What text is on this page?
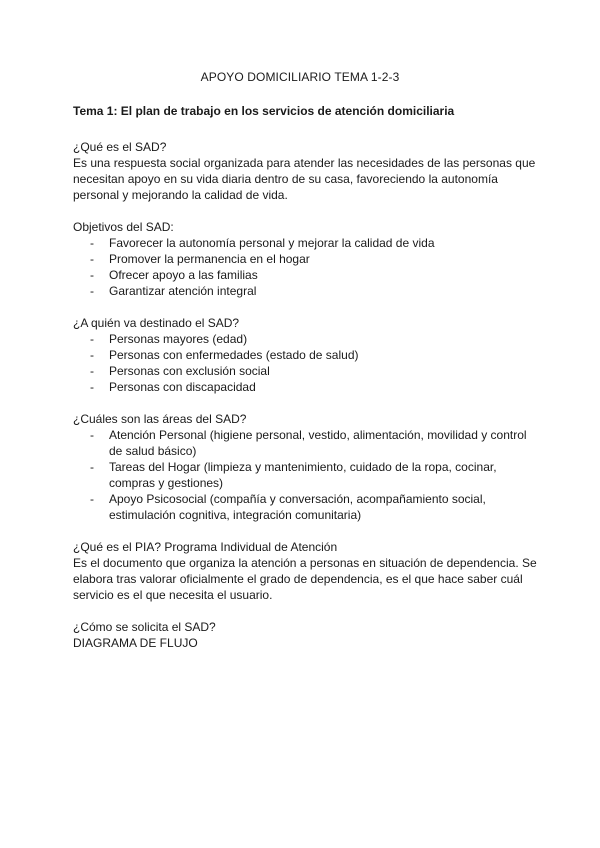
APOYO DOMICILIARIO TEMA 1-2-3
Tema 1: El plan de trabajo en los servicios de atención domiciliaria

¿Qué es el SAD?

Es una respuesta social organizada para atender las necesidades de las personas que necesitan apoyo en su vida diaria dentro de su casa, favoreciendo la autonomía personal y mejorando la calidad de vida.

Objetivos del SAD:

- Favorecer la autonomía personal y mejorar la calidad de vida
- Promover la permanencia en el hogar
- Ofrecer apoyo a las familias
- Garantizar atención integral

¿A quién va destinado el SAD?

- Personas mayores (edad)
- Personas con enfermedades (estado de salud)
- Personas con exclusión social
- Personas con discapacidad

¿Cuáles son las áreas del SAD?

- Atención Personal (higiene personal, vestido, alimentación, movilidad y control de salud básico)
- Tareas del Hogar (limpieza y mantenimiento, cuidado de la ropa, cocinar, compras y gestiones)
- Apoyo Psicosocial (compañía y conversación, acompañamiento social, estimulación cognitiva, integración comunitaria)

¿Qué es el PIA? Programa Individual de Atención

Es el documento que organiza la atención a personas en situación de dependencia. Se elabora tras valorar oficialmente el grado de dependencia, es el que hace saber cuál servicio es el que necesita el usuario.

¿Cómo se solicita el SAD?

DIAGRAMA DE FLUJO
